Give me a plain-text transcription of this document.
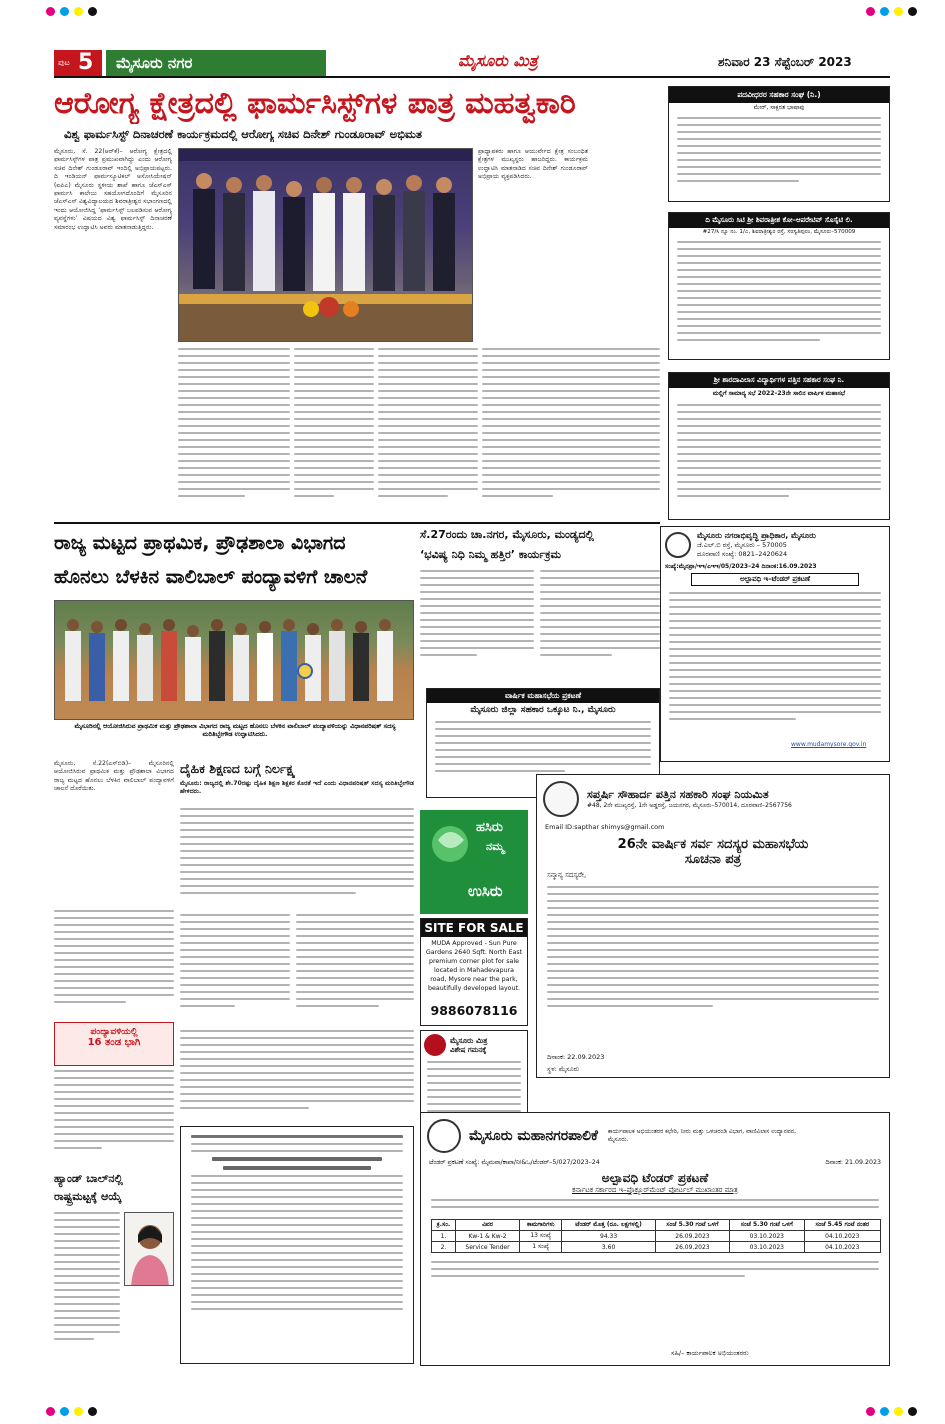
ಪುಟ 5	ಮೈಸೂರು ನಗರ	ಮೈಸೂರು ಮಿತ್ರ	ಶನಿವಾರ 23 ಸೆಪ್ಟೆಂಬರ್ 2023
ಆರೋಗ್ಯ ಕ್ಷೇತ್ರದಲ್ಲಿ ಫಾರ್ಮಸಿಸ್ಟ್‌ಗಳ ಪಾತ್ರ ಮಹತ್ವಕಾರಿ
ವಿಶ್ವ ಫಾರ್ಮಸಿಸ್ಟ್ ದಿನಾಚರಣೆ ಕಾರ್ಯಕ್ರಮದಲ್ಲಿ ಆರೋಗ್ಯ ಸಚಿವ ದಿನೇಶ್ ಗುಂಡೂರಾವ್ ಅಭಿಮತ
ಮೈಸೂರು, ಸೆ. 22(ಆರ್‌ಕೆ)– ಆರೋಗ್ಯ ಕ್ಷೇತ್ರದಲ್ಲಿ ಫಾರ್ಮಸಿಸ್ಟ್‌ಗಳ ಪಾತ್ರ ಪ್ರಮುಖವಾಗಿದ್ದು ಎಂದು ಆರೋಗ್ಯ ಸಚಿವ ದಿನೇಶ್ ಗುಂಡೂರಾವ್ ಇಂದಿಲ್ಲಿ ಅಭಿಪ್ರಾಯಪಟ್ಟರು. ದಿ ಇಂಡಿಯನ್ ಫಾರ್ಮಸ್ಯೂಟಿಕಲ್ ಅಸೋಸಿಯೇಷನ್ (ಐಪಿಎ) ಮೈಸೂರು ಸ್ಥಳೀಯ ಶಾಖೆ ಹಾಗೂ ಜೆಎಸ್‌ಎಸ್ ಫಾರ್ಮಸಿ ಕಾಲೇಜು ಸಹಯೋಗದೊಂದಿಗೆ ಮೈಸೂರಿನ ಜೆಎಸ್‌ಎಸ್ ವಿಶ್ವವಿದ್ಯಾಲಯದ ಶಿವರಾತ್ರೀಶ್ವರ ಸಭಾಂಗಣದಲ್ಲಿ ಇಂದು ಆಯೋಜಿಸಿದ್ದ ‘ಫಾರ್ಮಸಿಸ್ಟ್ ಬಲಪಡಿಸುವ ಆರೋಗ್ಯ ವ್ಯವಸ್ಥೆಗಳು’ ವಿಷಯದ ವಿಶ್ವ ಫಾರ್ಮಸಿಸ್ಟ್ ದಿನಾಚರಣೆ ಸಮಾರಂಭ ಉದ್ಘಾಟಿಸಿ ಅವರು ಮಾತನಾಡುತ್ತಿದ್ದರು.
ಪ್ರಾಧ್ಯಾಪಕರು ಹಾಗೂ ಆಯುರ್ವೇದ ಕ್ಷೇತ್ರ ಸಂಬಂಧಿತ ಕ್ಷೇತ್ರಗಳ ಮುಖ್ಯಸ್ಥರು ಹಾಜರಿದ್ದರು. ಕಾರ್ಯಕ್ರಮ ಉದ್ಘಾಟಿಸಿ ಮಾತನಾಡಿದ ಸಚಿವ ದಿನೇಶ್ ಗುಂಡೂರಾವ್ ಅಭಿಪ್ರಾಯ ವ್ಯಕ್ತಪಡಿಸಿದರು.
ರಾಜ್ಯ ಮಟ್ಟದ ಪ್ರಾಥಮಿಕ, ಪ್ರೌಢಶಾಲಾ ವಿಭಾಗದ
ಹೊನಲು ಬೆಳಕಿನ ವಾಲಿಬಾಲ್ ಪಂದ್ಯಾವಳಿಗೆ ಚಾಲನೆ
ಮೈಸೂರಿನಲ್ಲಿ ಆಯೋಜಿಸಿರುವ ಪ್ರಾಥಮಿಕ ಮತ್ತು ಪ್ರೌಢಶಾಲಾ ವಿಭಾಗದ ರಾಜ್ಯ ಮಟ್ಟದ ಹೊನಲು ಬೆಳಕಿನ ವಾಲಿಬಾಲ್ ಪಂದ್ಯಾವಳಿಯನ್ನು ವಿಧಾನಪರಿಷತ್ ಸದಸ್ಯ ಮರಿತಿಬ್ಬೇಗೌಡ ಉದ್ಘಾಟಿಸಿದರು.
ಮೈಸೂರು, ಸೆ.22(ಎಸ್‌ಬಿಡಿ)– ಮೈಸೂರಿನಲ್ಲಿ ಆಯೋಜಿಸಿರುವ ಪ್ರಾಥಮಿಕ ಮತ್ತು ಪ್ರೌಢಶಾಲಾ ವಿಭಾಗದ ರಾಜ್ಯ ಮಟ್ಟದ ಹೊನಲು ಬೆಳಕಿನ ವಾಲಿಬಾಲ್ ಪಂದ್ಯಾವಳಿಗೆ ಚಾಲನೆ ದೊರೆಯಿತು.
ದೈಹಿಕ ಶಿಕ್ಷಣದ ಬಗ್ಗೆ ನಿರ್ಲಕ್ಷ್ಯ
ಮೈಸೂರು: ರಾಜ್ಯದಲ್ಲಿ ಶೇ.70ರಷ್ಟು ದೈಹಿಕ ಶಿಕ್ಷಣ ಶಿಕ್ಷಕರ ಕೊರತೆ ಇದೆ ಎಂದು ವಿಧಾನಪರಿಷತ್ ಸದಸ್ಯ ಮರಿತಿಬ್ಬೇಗೌಡ ಹೇಳಿದರು.
ಪಂದ್ಯಾವಳಿಯಲ್ಲಿ
16 ತಂಡ ಭಾಗಿ
ಹ್ಯಾಂಡ್ ಬಾಲ್‌ನಲ್ಲಿ
ರಾಷ್ಟ್ರಮಟ್ಟಕ್ಕೆ ಆಯ್ಕೆ
ಸೆ.27ರಂದು ಚಾ.ನಗರ, ಮೈಸೂರು, ಮಂಡ್ಯದಲ್ಲಿ
‘ಭವಿಷ್ಯ ನಿಧಿ ನಿಮ್ಮ ಹತ್ತಿರ’ ಕಾರ್ಯಕ್ರಮ
ವಾರ್ಷಿಕ ಮಹಾಸಭೆಯ ಪ್ರಕಟಣೆ
ಮೈಸೂರು ಜಿಲ್ಲಾ ಸಹಕಾರ ಒಕ್ಕೂಟ ನಿ., ಮೈಸೂರು
ಹಸಿರು
ನಮ್ಮ
ಉಸಿರು
SITE FOR SALE
MUDA Approved - Sun Pure Gardens 2640 Sqft. North East premium corner plot for sale located in Mahadevapura road, Mysore near the park, beautifully developed layout.
9886078116
ಮೈಸೂರು ಮಿತ್ರ
ವಿಶೇಷ ಗಮನಕ್ಕೆ
ಪದವೀಧರರ ಸಹಕಾರ ಸಂಘ (ನಿ.)
ಮೇರ್, ಸಾಕ್ಷರತ ಭಾಷಾಪು
ದಿ ಮೈಸೂರು ಸಿಟಿ ಶ್ರೀ ಶಿವರಾತ್ರೀಶ ಕೋ–ಆಪರೇಟಿವ್ ಸೊಸೈಟಿ ಲಿ.
#27/ಸಿ ನ್ಯೂ ನಂ. 1/ಎ, ಶಿವರಾತ್ರೀಶ್ವರ ರಸ್ತೆ, ಸರಸ್ವತಿಪುರಂ, ಮೈಸೂರು–570009
ಶ್ರೀ ಶಾರದಾವಿಲಾಸ ವಿದ್ಯಾರ್ಥಿಗಳ ಪತ್ತಿನ ಸಹಕಾರ ಸಂಘ ನಿ.
ಮಲ್ಲಿಗೆ ಸಾಮಾನ್ಯ ಸಭೆ 2022–23ನೇ ಸಾಲಿನ ವಾರ್ಷಿಕ ಮಹಾಸಭೆ
ಮೈಸೂರು ನಗರಾಭಿವೃದ್ಧಿ ಪ್ರಾಧಿಕಾರ, ಮೈಸೂರು
ಜೆ.ಎಲ್.ಬಿ ರಸ್ತೆ, ಮೈಸೂರು – 570005
ದೂರವಾಣಿ ಸಂಖ್ಯೆ: 0821–2420624
ಸಂಖ್ಯೆ:ಮೈನಪ್ರಾ/ಇಇ/ಎಇಇ/05/2023–24 ದಿನಾಂಕ:16.09.2023
ಅಲ್ಪಾವಧಿ ಇ–ಟೆಂಡರ್ ಪ್ರಕಟಣೆ
www.mudamysore.gov.in
ಸಪ್ತರ್ಷಿ ಸೌಹಾರ್ದ ಪತ್ತಿನ ಸಹಕಾರಿ ಸಂಘ ನಿಯಮಿತ
#48, 2ನೇ ಮುಖ್ಯರಸ್ತೆ, 1ನೇ ಅಡ್ಡರಸ್ತೆ, ಜಯನಗರ, ಮೈಸೂರು–570014, ದೂರವಾಣಿ–2567756
Email ID:sapthar shimys@gmail.com
26ನೇ ವಾರ್ಷಿಕ ಸರ್ವ ಸದಸ್ಯರ ಮಹಾಸಭೆಯ
ಸೂಚನಾ ಪತ್ರ
ಸನ್ಮಾನ್ಯ ಸದಸ್ಯರೇ,
ದಿನಾಂಕ: 22.09.2023
ಸ್ಥಳ: ಮೈಸೂರು
ಮೈಸೂರು ಮಹಾನಗರಪಾಲಿಕೆ ಕಾರ್ಯಪಾಲಕ ಅಭಿಯಂತರರ ಕಛೇರಿ, ನೀರು ಮತ್ತು ಒಳಚರಂಡಿ ವಿಭಾಗ, ವಾಣಿವಿಲಾಸ ಉದ್ಯಾನವನ, ಮೈಸೂರು.
ಟೆಂಡರ್ ಪ್ರಕಟಣೆ ಸಂಖ್ಯೆ: ಮೈಮಪಾ/ಕಾಪಾ/ನೀ&ಒ/ಟೆಂಡರ್–5/027/2023–24	ದಿನಾಂಕ: 21.09.2023
ಅಲ್ಪಾವಧಿ ಟೆಂಡರ್ ಪ್ರಕಟಣೆ
ಕರ್ನಾಟಕ ಸರ್ಕಾರದ ಇ–ಪ್ರೊಕ್ಯೂರ್‌ಮೆಂಟ್ ಪೋರ್ಟಲ್ ಮುಖಾಂತರ ಮಾತ್ರ
ಕ್ರ.ಸಂ.	ವಿವರ	ಕಾಮಗಾರಿಗಳು	ಟೆಂಡರ್ ಮೊತ್ತ (ರೂ. ಲಕ್ಷಗಳಲ್ಲಿ)	ಸಂಜೆ 5.30 ಗಂಟೆ ಒಳಗೆ	ಸಂಜೆ 5.30 ಗಂಟೆ ಒಳಗೆ	ಸಂಜೆ 5.45 ಗಂಟೆ ನಂತರ
1.	Kw-1 & Kw-2	13 ಸಂಖ್ಯೆ	94.33	26.09.2023	03.10.2023	04.10.2023
2.	Service Tender	1 ಸಂಖ್ಯೆ	3.60	26.09.2023	03.10.2023	04.10.2023
ಸಹಿ/– ಕಾರ್ಯಪಾಲಕ ಅಭಿಯಂತರರು
